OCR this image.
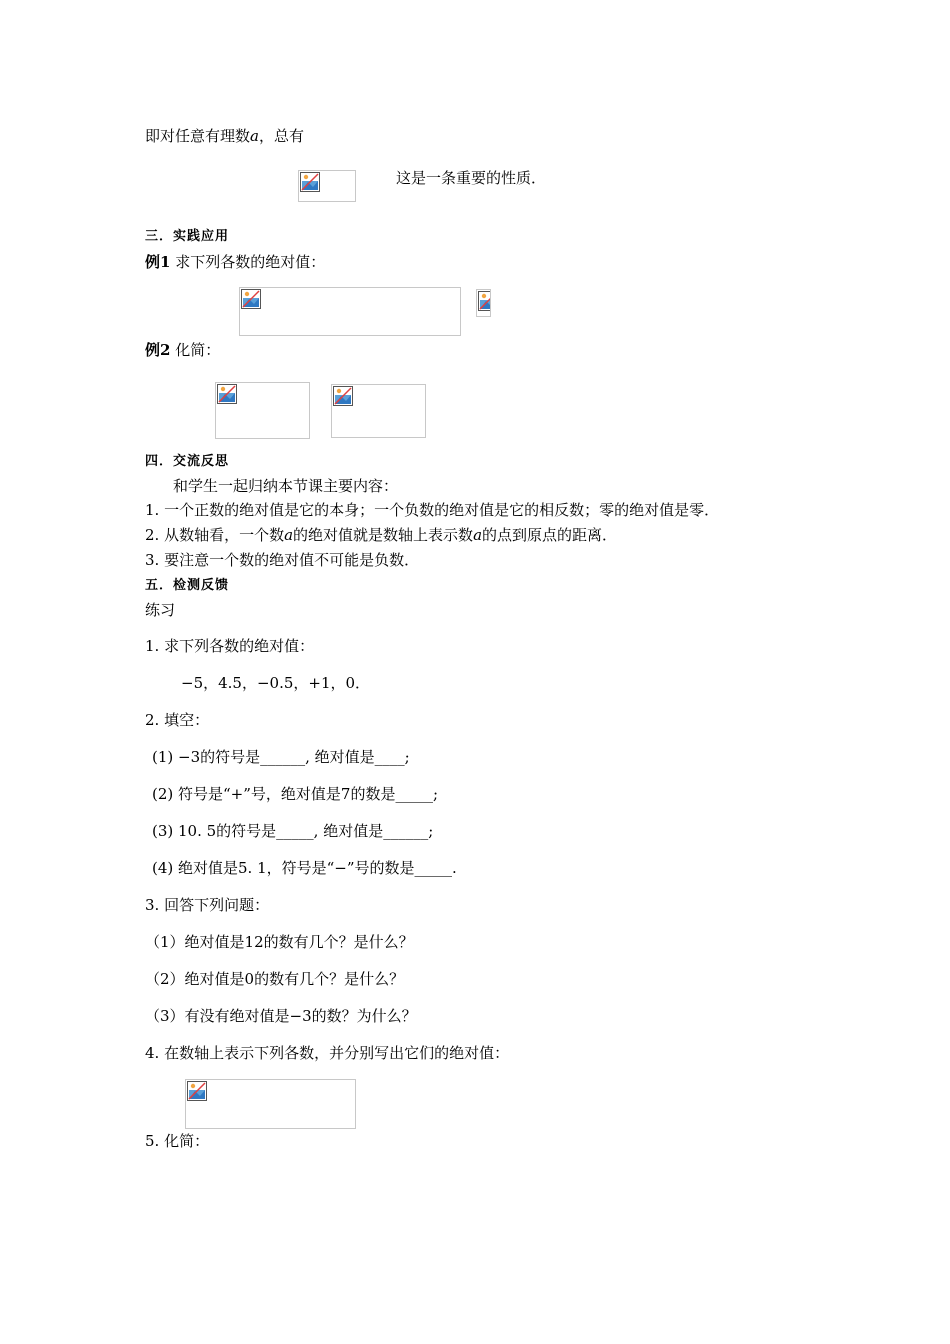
即对任意有理数a，总有
这是一条重要的性质．
三．实践应用
例1 求下列各数的绝对值：
例2 化简：
四．交流反思
和学生一起归纳本节课主要内容：
1. 一个正数的绝对值是它的本身；一个负数的绝对值是它的相反数；零的绝对值是零．
2. 从数轴看，一个数a的绝对值就是数轴上表示数a的点到原点的距离．
3. 要注意一个数的绝对值不可能是负数．
五．检测反馈
练习
1. 求下列各数的绝对值：
−5，4.5，−0.5，+1，0．
2. 填空：
(1) −3的符号是______, 绝对值是____;
(2) 符号是“+”号，绝对值是7的数是_____;
(3) 10. 5的符号是_____, 绝对值是______;
(4) 绝对值是5. 1，符号是“−”号的数是_____.
3. 回答下列问题：
（1）绝对值是12的数有几个？是什么？
（2）绝对值是0的数有几个？是什么？
（3）有没有绝对值是−3的数？为什么？
4. 在数轴上表示下列各数，并分别写出它们的绝对值：
5. 化简：
